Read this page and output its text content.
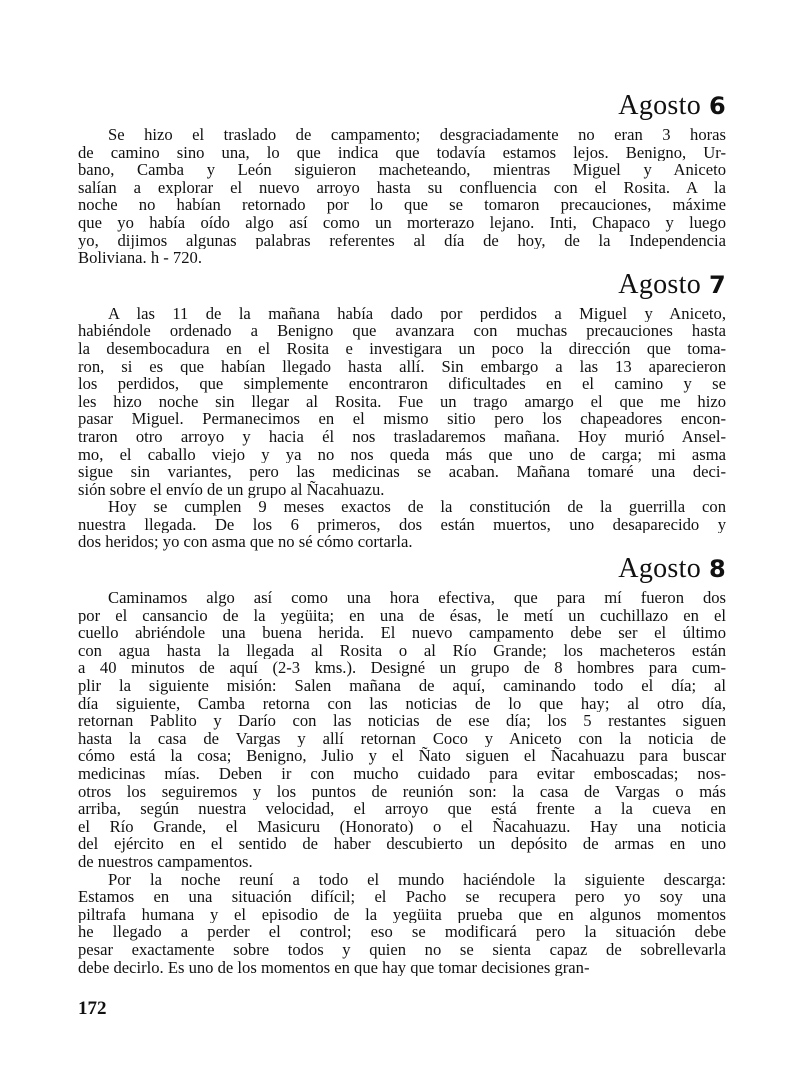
Agosto 6
Se hizo el traslado de campamento; desgraciadamente no eran 3 horas
de camino sino una, lo que indica que todavía estamos lejos. Benigno, Ur-
bano, Camba y León siguieron macheteando, mientras Miguel y Aniceto
salían a explorar el nuevo arroyo hasta su confluencia con el Rosita. A la
noche no habían retornado por lo que se tomaron precauciones, máxime
que yo había oído algo así como un morterazo lejano. Inti, Chapaco y luego
yo, dijimos algunas palabras referentes al día de hoy, de la Independencia
Boliviana. h - 720.
Agosto 7
A las 11 de la mañana había dado por perdidos a Miguel y Aniceto,
habiéndole ordenado a Benigno que avanzara con muchas precauciones hasta
la desembocadura en el Rosita e investigara un poco la dirección que toma-
ron, si es que habían llegado hasta allí. Sin embargo a las 13 aparecieron
los perdidos, que simplemente encontraron dificultades en el camino y se
les hizo noche sin llegar al Rosita. Fue un trago amargo el que me hizo
pasar Miguel. Permanecimos en el mismo sitio pero los chapeadores encon-
traron otro arroyo y hacia él nos trasladaremos mañana. Hoy murió Ansel-
mo, el caballo viejo y ya no nos queda más que uno de carga; mi asma
sigue sin variantes, pero las medicinas se acaban. Mañana tomaré una deci-
sión sobre el envío de un grupo al Ñacahuazu.
Hoy se cumplen 9 meses exactos de la constitución de la guerrilla con
nuestra llegada. De los 6 primeros, dos están muertos, uno desaparecido y
dos heridos; yo con asma que no sé cómo cortarla.
Agosto 8
Caminamos algo así como una hora efectiva, que para mí fueron dos
por el cansancio de la yegüita; en una de ésas, le metí un cuchillazo en el
cuello abriéndole una buena herida. El nuevo campamento debe ser el último
con agua hasta la llegada al Rosita o al Río Grande; los macheteros están
a 40 minutos de aquí (2-3 kms.). Designé un grupo de 8 hombres para cum-
plir la siguiente misión: Salen mañana de aquí, caminando todo el día; al
día siguiente, Camba retorna con las noticias de lo que hay; al otro día,
retornan Pablito y Darío con las noticias de ese día; los 5 restantes siguen
hasta la casa de Vargas y allí retornan Coco y Aniceto con la noticia de
cómo está la cosa; Benigno, Julio y el Ñato siguen el Ñacahuazu para buscar
medicinas mías. Deben ir con mucho cuidado para evitar emboscadas; nos-
otros los seguiremos y los puntos de reunión son: la casa de Vargas o más
arriba, según nuestra velocidad, el arroyo que está frente a la cueva en
el Río Grande, el Masicuru (Honorato) o el Ñacahuazu. Hay una noticia
del ejército en el sentido de haber descubierto un depósito de armas en uno
de nuestros campamentos.
Por la noche reuní a todo el mundo haciéndole la siguiente descarga:
Estamos en una situación difícil; el Pacho se recupera pero yo soy una
piltrafa humana y el episodio de la yegüita prueba que en algunos momentos
he llegado a perder el control; eso se modificará pero la situación debe
pesar exactamente sobre todos y quien no se sienta capaz de sobrellevarla
debe decirlo. Es uno de los momentos en que hay que tomar decisiones gran-
172
